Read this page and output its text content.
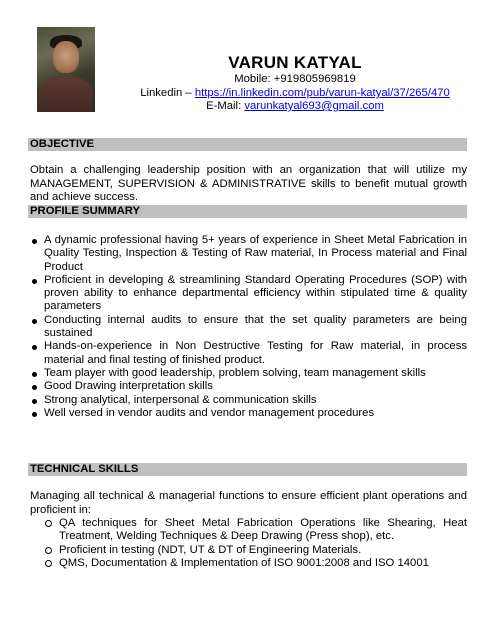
VARUN KATYAL
Mobile: +919805969819
Linkedin – https://in.linkedin.com/pub/varun-katyal/37/265/470
E-Mail: varunkatyal693@gmail.com
OBJECTIVE
Obtain a challenging leadership position with an organization that will utilize my MANAGEMENT, SUPERVISION & ADMINISTRATIVE skills to benefit mutual growth and achieve success.
PROFILE SUMMARY
A dynamic professional having 5+ years of experience in Sheet Metal Fabrication in Quality Testing, Inspection & Testing of Raw material, In Process material and Final Product
Proficient in developing & streamlining Standard Operating Procedures (SOP) with proven ability to enhance departmental efficiency within stipulated time & quality parameters
Conducting internal audits to ensure that the set quality parameters are being sustained
Hands-on-experience in Non Destructive Testing for Raw material, in process material and final testing of finished product.
Team player with good leadership, problem solving, team management skills
Good Drawing interpretation skills
Strong analytical, interpersonal & communication skills
Well versed in vendor audits and vendor management procedures
TECHNICAL SKILLS
Managing all technical & managerial functions to ensure efficient plant operations and proficient in:
QA techniques for Sheet Metal Fabrication Operations like Shearing, Heat Treatment, Welding Techniques & Deep Drawing (Press shop), etc.
Proficient in testing (NDT, UT & DT of Engineering Materials.
QMS, Documentation & Implementation of ISO 9001:2008 and ISO 14001
